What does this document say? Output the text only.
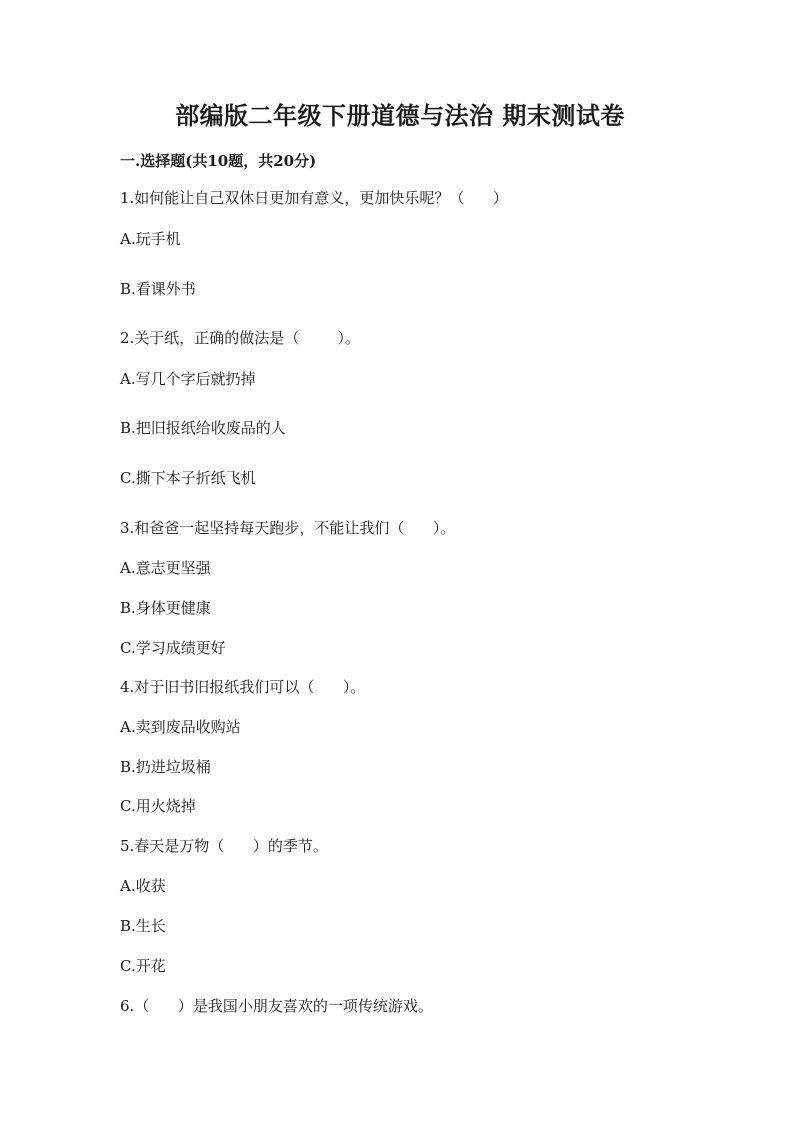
部编版二年级下册道德与法治 期末测试卷
一.选择题(共10题，共20分)
1.如何能让自己双休日更加有意义，更加快乐呢？（      ）
A.玩手机
B.看课外书
2.关于纸，正确的做法是（        ）。
A.写几个字后就扔掉
B.把旧报纸给收废品的人
C.撕下本子折纸飞机
3.和爸爸一起坚持每天跑步，不能让我们（      ）。
A.意志更坚强
B.身体更健康
C.学习成绩更好
4.对于旧书旧报纸我们可以（      ）。
A.卖到废品收购站
B.扔进垃圾桶
C.用火烧掉
5.春天是万物（      ）的季节。
A.收获
B.生长
C.开花
6.（      ）是我国小朋友喜欢的一项传统游戏。
